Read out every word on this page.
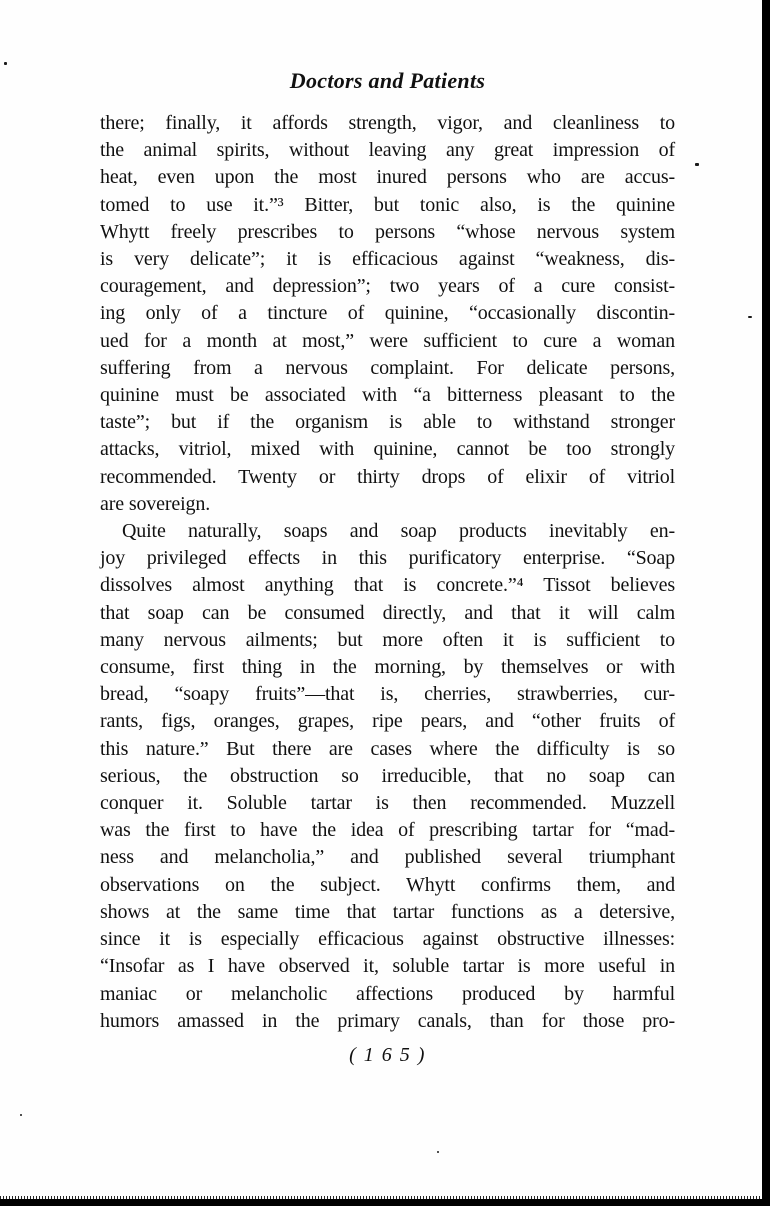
Doctors and Patients
there; finally, it affords strength, vigor, and cleanliness to
the animal spirits, without leaving any great impression of
heat, even upon the most inured persons who are accus-
tomed to use it.”³ Bitter, but tonic also, is the quinine
Whytt freely prescribes to persons “whose nervous system
is very delicate”; it is efficacious against “weakness, dis-
couragement, and depression”; two years of a cure consist-
ing only of a tincture of quinine, “occasionally discontin-
ued for a month at most,” were sufficient to cure a woman
suffering from a nervous complaint. For delicate persons,
quinine must be associated with “a bitterness pleasant to the
taste”; but if the organism is able to withstand stronger
attacks, vitriol, mixed with quinine, cannot be too strongly
recommended. Twenty or thirty drops of elixir of vitriol
are sovereign.
Quite naturally, soaps and soap products inevitably en-
joy privileged effects in this purificatory enterprise. “Soap
dissolves almost anything that is concrete.”⁴ Tissot believes
that soap can be consumed directly, and that it will calm
many nervous ailments; but more often it is sufficient to
consume, first thing in the morning, by themselves or with
bread, “soapy fruits”—that is, cherries, strawberries, cur-
rants, figs, oranges, grapes, ripe pears, and “other fruits of
this nature.” But there are cases where the difficulty is so
serious, the obstruction so irreducible, that no soap can
conquer it. Soluble tartar is then recommended. Muzzell
was the first to have the idea of prescribing tartar for “mad-
ness and melancholia,” and published several triumphant
observations on the subject. Whytt confirms them, and
shows at the same time that tartar functions as a detersive,
since it is especially efficacious against obstructive illnesses:
“Insofar as I have observed it, soluble tartar is more useful in
maniac or melancholic affections produced by harmful
humors amassed in the primary canals, than for those pro-
( 1 6 5 )
